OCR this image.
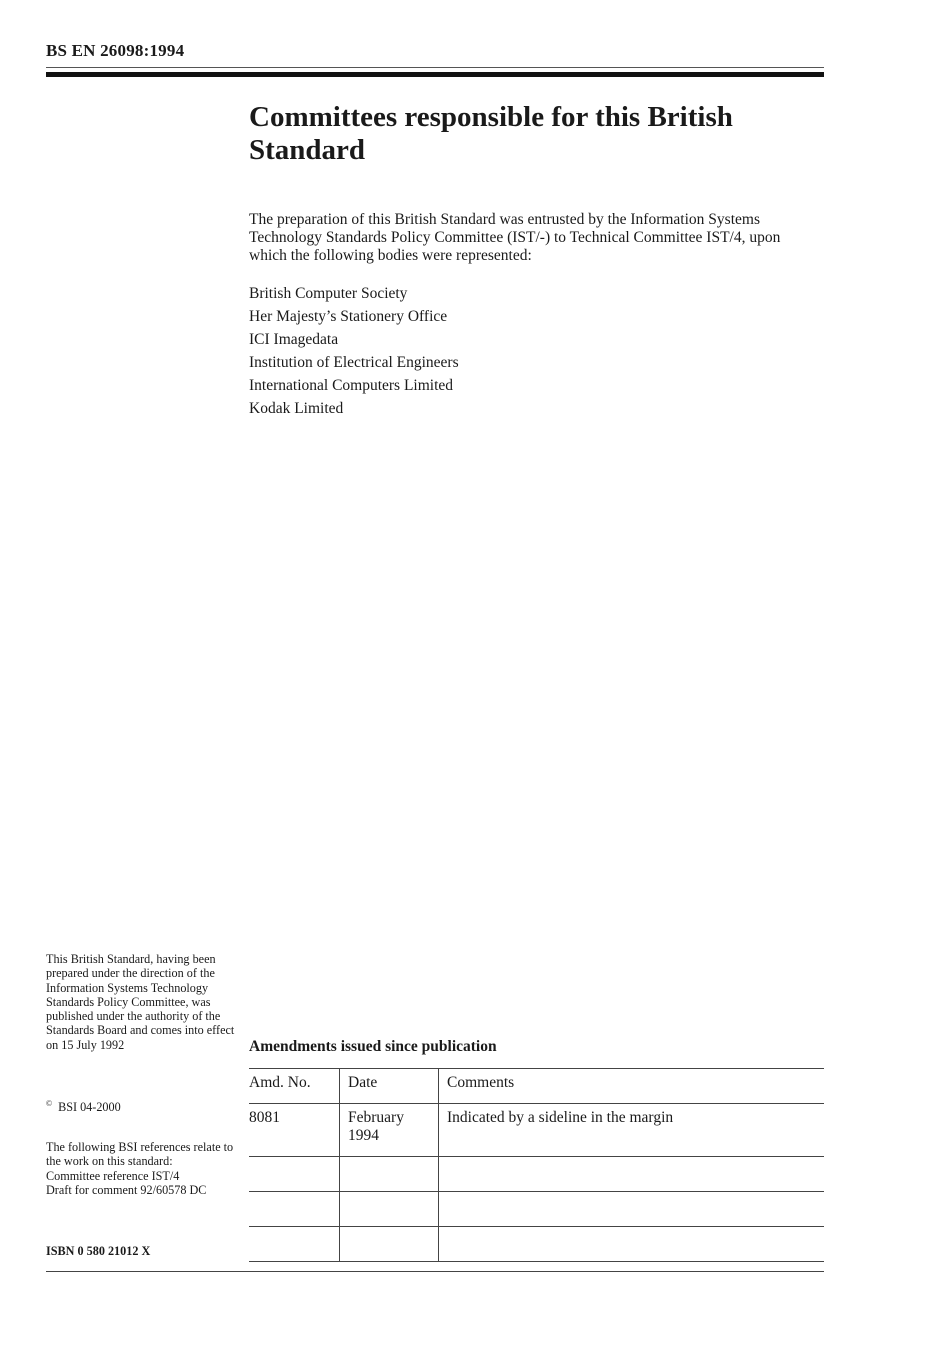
BS EN 26098:1994
Committees responsible for this British Standard
The preparation of this British Standard was entrusted by the Information Systems Technology Standards Policy Committee (IST/-) to Technical Committee IST/4, upon which the following bodies were represented:
British Computer Society
Her Majesty’s Stationery Office
ICI Imagedata
Institution of Electrical Engineers
International Computers Limited
Kodak Limited
This British Standard, having been prepared under the direction of the Information Systems Technology Standards Policy Committee, was published under the authority of the Standards Board and comes into effect on 15 July 1992
© BSI 04-2000
The following BSI references relate to the work on this standard:
Committee reference IST/4
Draft for comment 92/60578 DC
ISBN 0 580 21012 X
Amendments issued since publication
Amd. No.	Date	Comments
8081	February 1994	Indicated by a sideline in the margin
